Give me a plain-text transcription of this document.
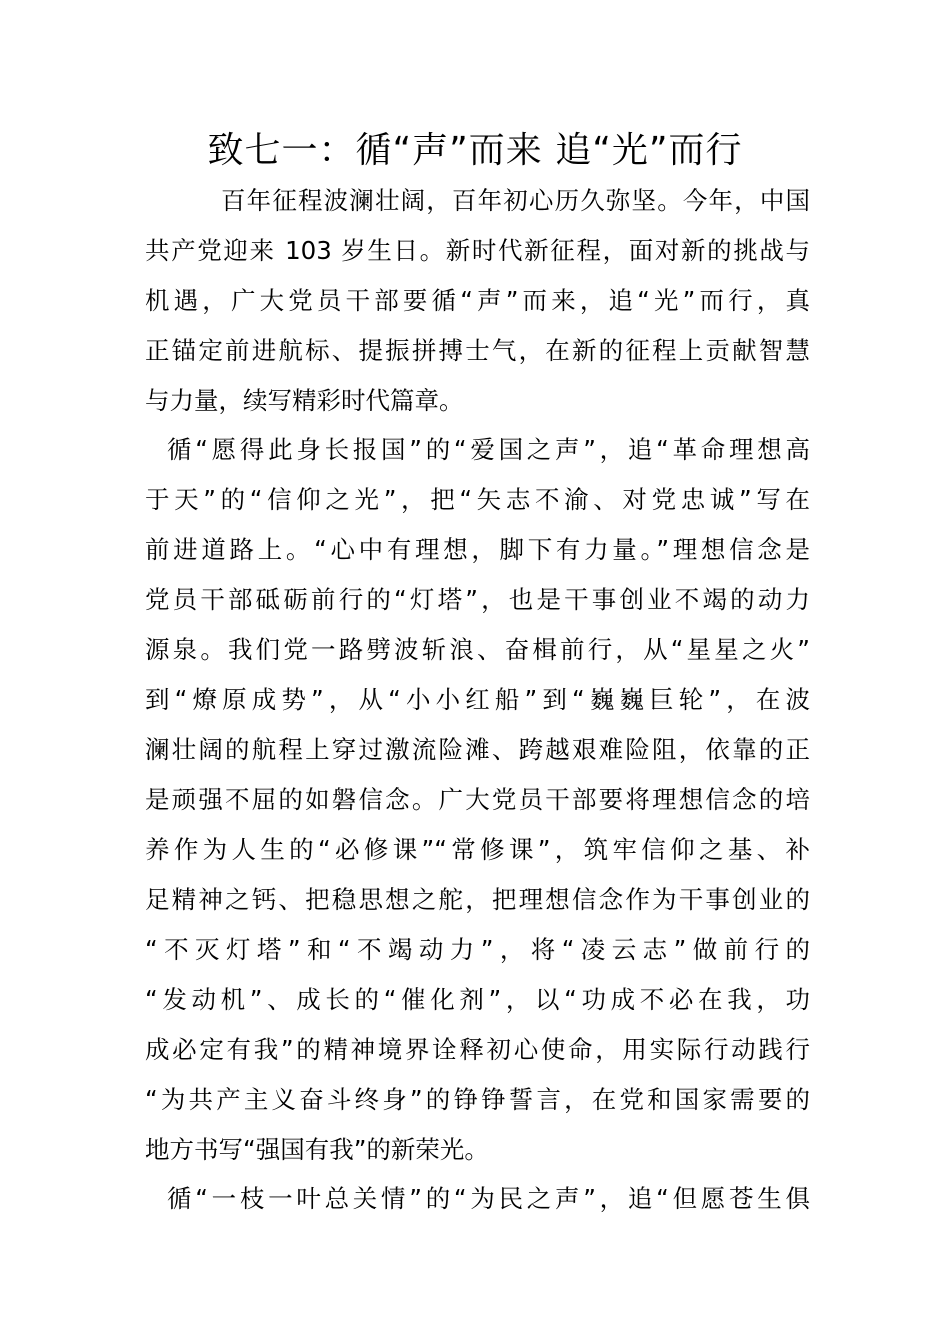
致七一：循“声”而来 追“光”而行
百年征程波澜壮阔，百年初心历久弥坚。今年，中国
共产党迎来 103 岁生日。新时代新征程，面对新的挑战与
机遇，广大党员干部要循“声”而来，追“光”而行，真
正锚定前进航标、提振拼搏士气，在新的征程上贡献智慧
与力量，续写精彩时代篇章。
循“愿得此身长报国”的“爱国之声”，追“革命理想高
于天”的“信仰之光”，把“矢志不渝、对党忠诚”写在
前进道路上。“心中有理想，脚下有力量。”理想信念是
党员干部砥砺前行的“灯塔”，也是干事创业不竭的动力
源泉。我们党一路劈波斩浪、奋楫前行，从“星星之火”
到“燎原成势”，从“小小红船”到“巍巍巨轮”，在波
澜壮阔的航程上穿过激流险滩、跨越艰难险阻，依靠的正
是顽强不屈的如磐信念。广大党员干部要将理想信念的培
养作为人生的“必修课”“常修课”，筑牢信仰之基、补
足精神之钙、把稳思想之舵，把理想信念作为干事创业的
“不灭灯塔”和“不竭动力”，将“凌云志”做前行的
“发动机”、成长的“催化剂”，以“功成不必在我，功
成必定有我”的精神境界诠释初心使命，用实际行动践行
“为共产主义奋斗终身”的铮铮誓言，在党和国家需要的
地方书写“强国有我”的新荣光。
循“一枝一叶总关情”的“为民之声”，追“但愿苍生俱
